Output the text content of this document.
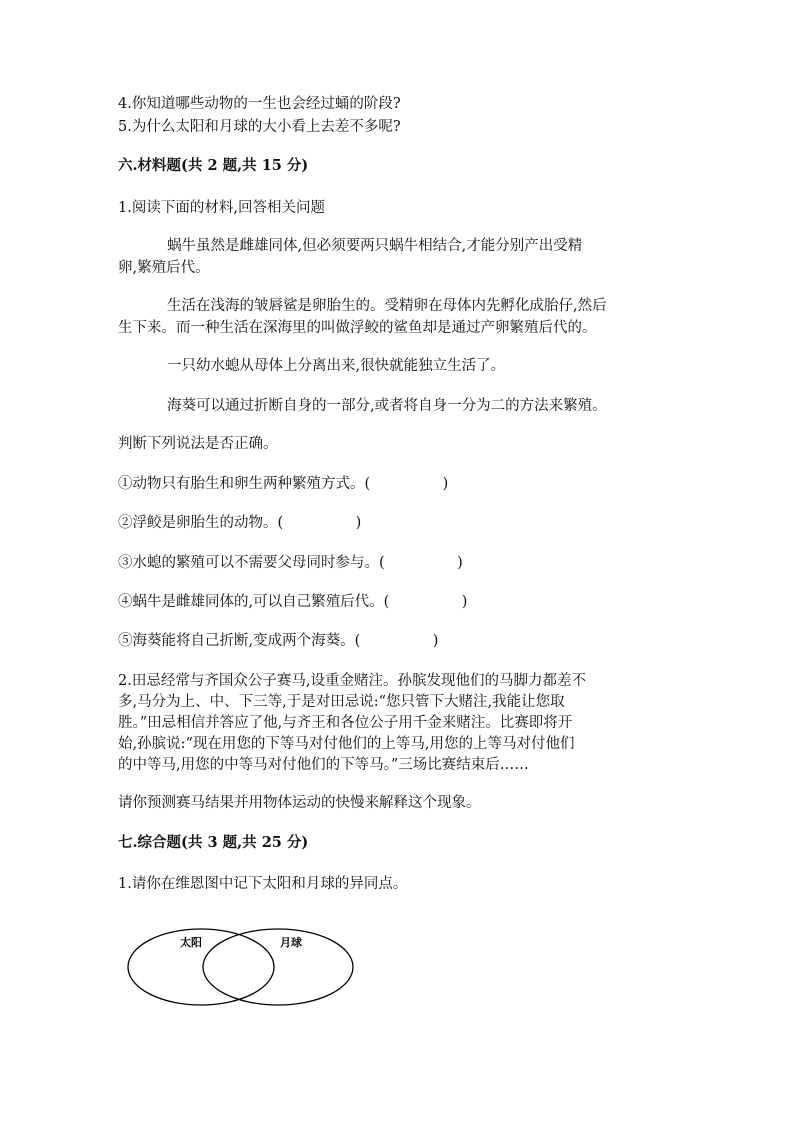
4.你知道哪些动物的一生也会经过蛹的阶段?
5.为什么太阳和月球的大小看上去差不多呢?
六.材料题(共 2 题,共 15 分)
1.阅读下面的材料,回答相关问题
蜗牛虽然是雌雄同体,但必须要两只蜗牛相结合,才能分别产出受精
卵,繁殖后代。
生活在浅海的皱唇鲨是卵胎生的。受精卵在母体内先孵化成胎仔,然后
生下来。而一种生活在深海里的叫做浮鲛的鲨鱼却是通过产卵繁殖后代的。
一只幼水螅从母体上分离出来,很快就能独立生活了。
海葵可以通过折断自身的一部分,或者将自身一分为二的方法来繁殖。
判断下列说法是否正确。
①动物只有胎生和卵生两种繁殖方式。(　　　　　)
②浮鲛是卵胎生的动物。(　　　　　)
③水螅的繁殖可以不需要父母同时参与。(　　　　　)
④蜗牛是雌雄同体的,可以自己繁殖后代。(　　　　　)
⑤海葵能将自己折断,变成两个海葵。(　　　　　)
2.田忌经常与齐国众公子赛马,设重金赌注。孙膑发现他们的马脚力都差不
多,马分为上、中、下三等,于是对田忌说:“您只管下大赌注,我能让您取
胜。”田忌相信并答应了他,与齐王和各位公子用千金来赌注。比赛即将开
始,孙膑说:“现在用您的下等马对付他们的上等马,用您的上等马对付他们
的中等马,用您的中等马对付他们的下等马。”三场比赛结束后……
请你预测赛马结果并用物体运动的快慢来解释这个现象。
七.综合题(共 3 题,共 25 分)
1.请你在维恩图中记下太阳和月球的异同点。
太阳	月球
